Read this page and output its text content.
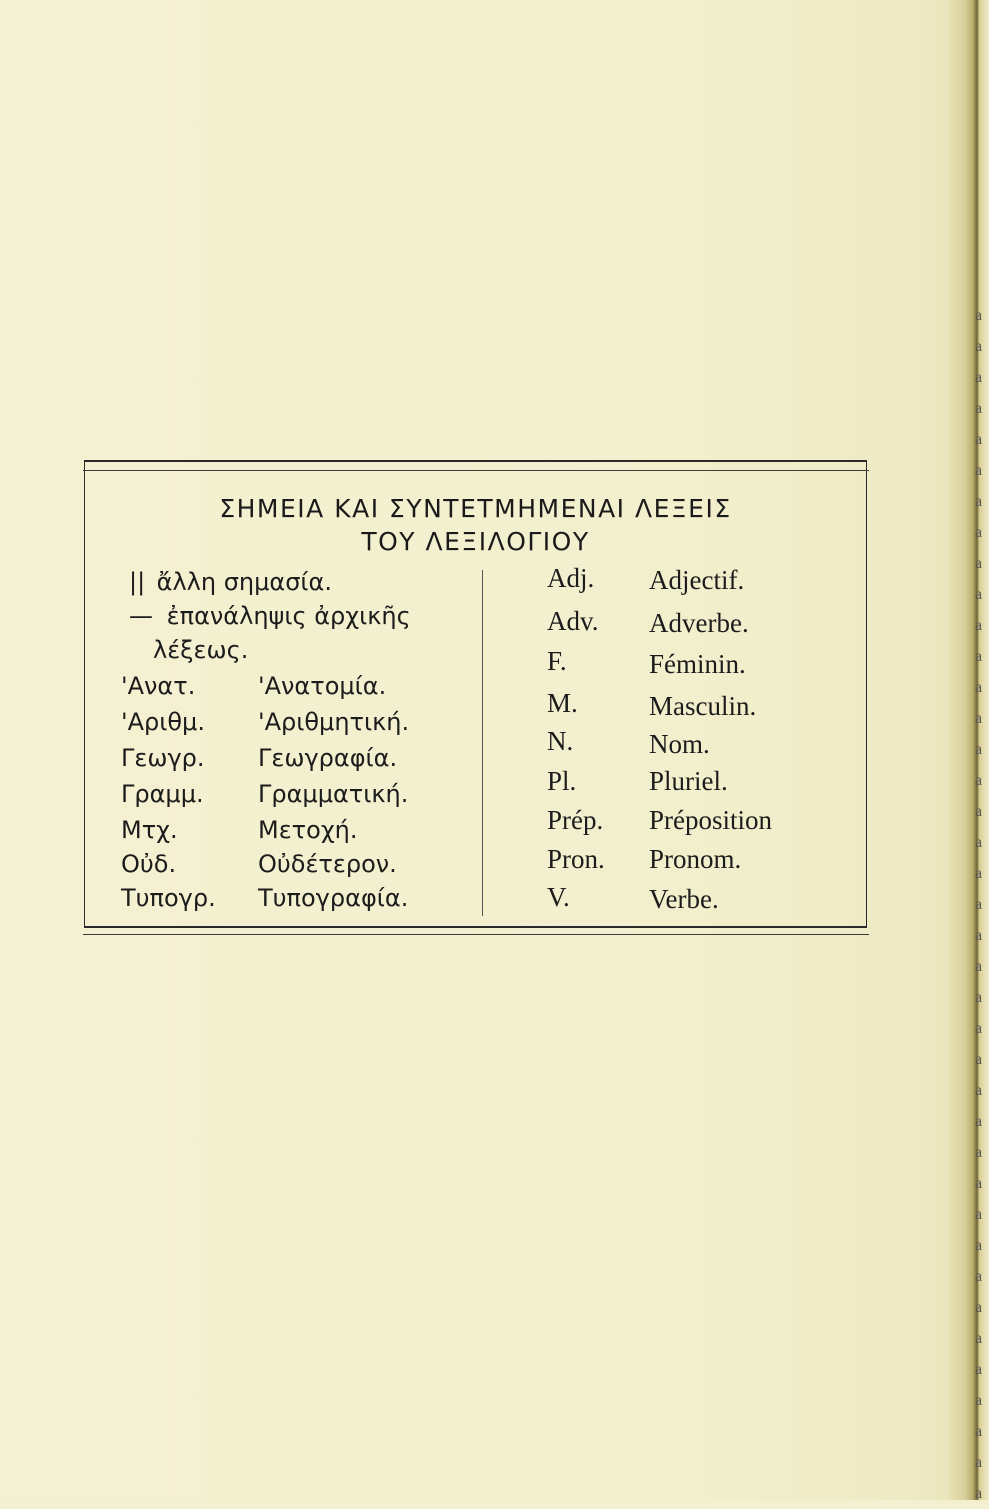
a
a
a
a
a
a
a
a
a
a
a
a
a
a
a
a
a
a
a
a
a
a
a
a
a
a
a
a
a
a
a
a
a
a
a
a
a
a
a
ΣΗΜΕΙΑ ΚΑΙ ΣΥΝΤΕΤΜΗΜΕΝΑΙ ΛΕΞΕΙΣ
ΤΟΥ ΛΕΞΙΛΟΓΙΟΥ
|| ἄλλη σημασία.
— ἐπανάληψις ἀρχικῆς
λέξεως.
'Ανατ.	'Ανατομία.
'Αριθμ. 'Αριθμητική.
Γεωγρ. Γεωγραφία.
Γραμμ. Γραμματική.
Μτχ.	Μετοχή.
Οὐδ.	Οὐδέτερον.
Τυπογρ. Τυπογραφία.
Adj. Adjectif.
Adv. Adverbe.
F.	Féminin.
M.	Masculin.
N.	Nom.
Pl.	Pluriel.
Prép. Préposition
Pron. Pronom.
V.	Verbe.
